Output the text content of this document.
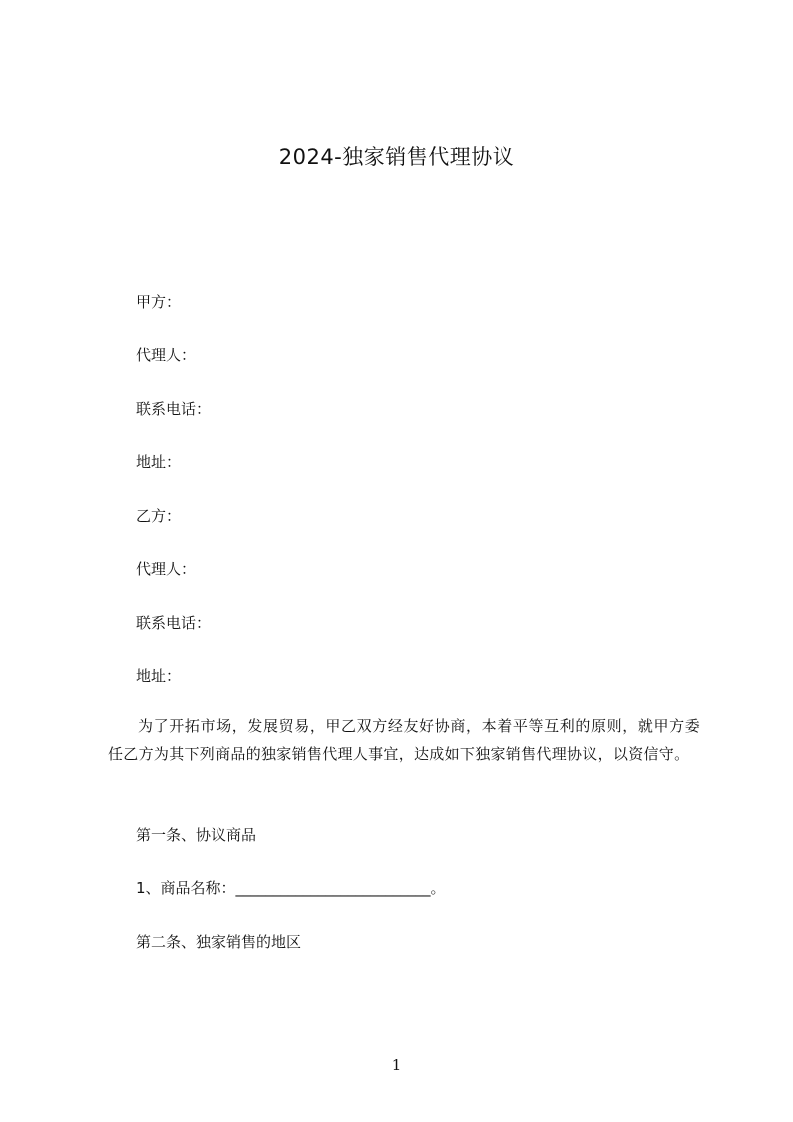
2024-独家销售代理协议
甲方：
代理人：
联系电话：
地址：
乙方：
代理人：
联系电话：
地址：
为了开拓市场，发展贸易，甲乙双方经友好协商，本着平等互利的原则，就甲方委任乙方为其下列商品的独家销售代理人事宜，达成如下独家销售代理协议，以资信守。
第一条、协议商品
1、商品名称：__________________________。
第二条、独家销售的地区
1
